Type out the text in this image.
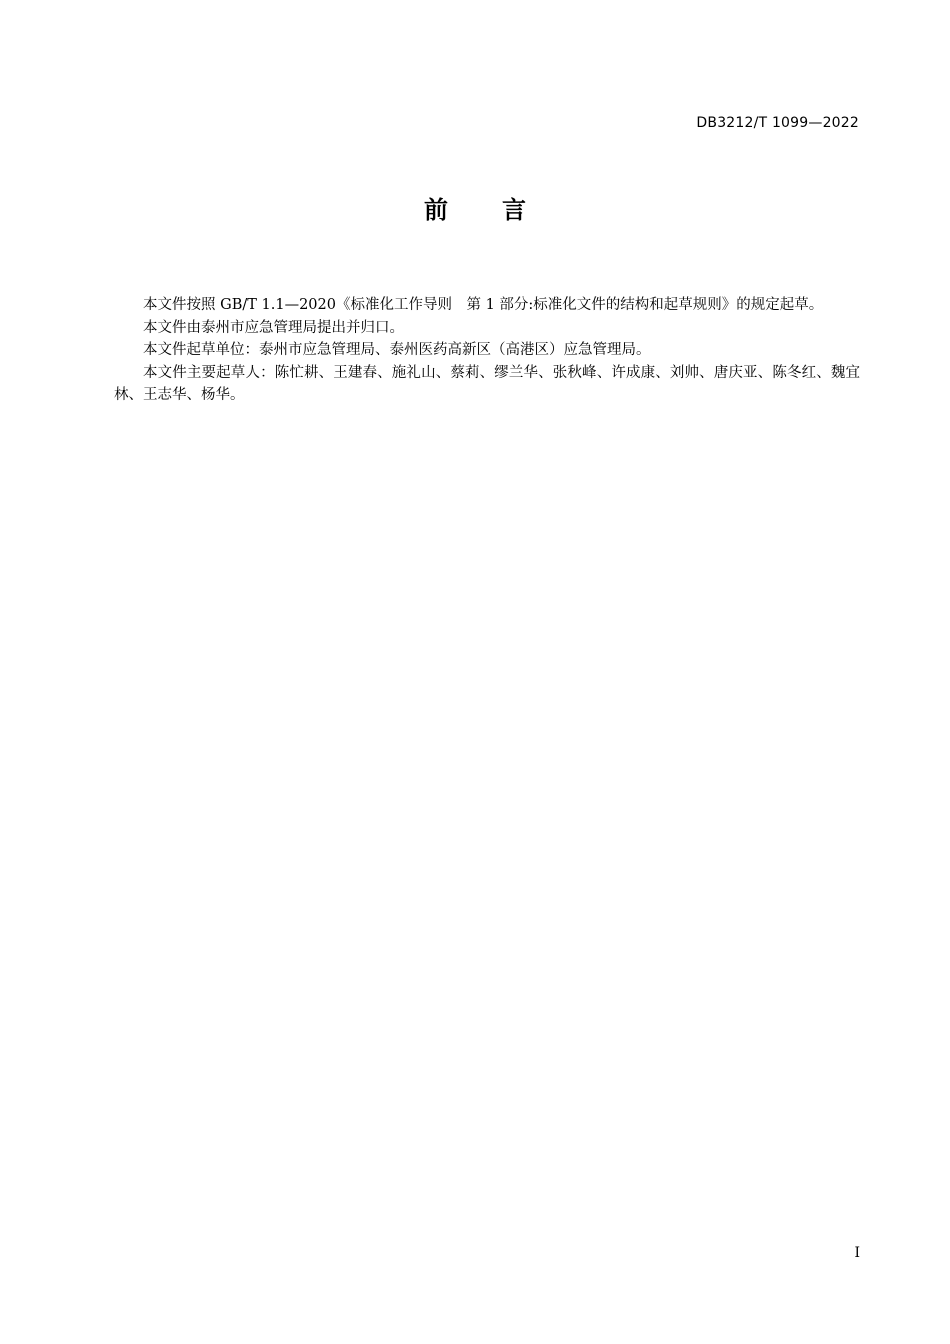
DB3212/T 1099—2022
前 言

本文件按照 GB/T 1.1—2020《标准化工作导则　第 1 部分:标准化文件的结构和起草规则》的规定起草。

本文件由泰州市应急管理局提出并归口。

本文件起草单位：泰州市应急管理局、泰州医药高新区（高港区）应急管理局。

本文件主要起草人：陈忙耕、王建春、施礼山、蔡莉、缪兰华、张秋峰、许成康、刘帅、唐庆亚、陈冬红、魏宜林、王志华、杨华。

I
